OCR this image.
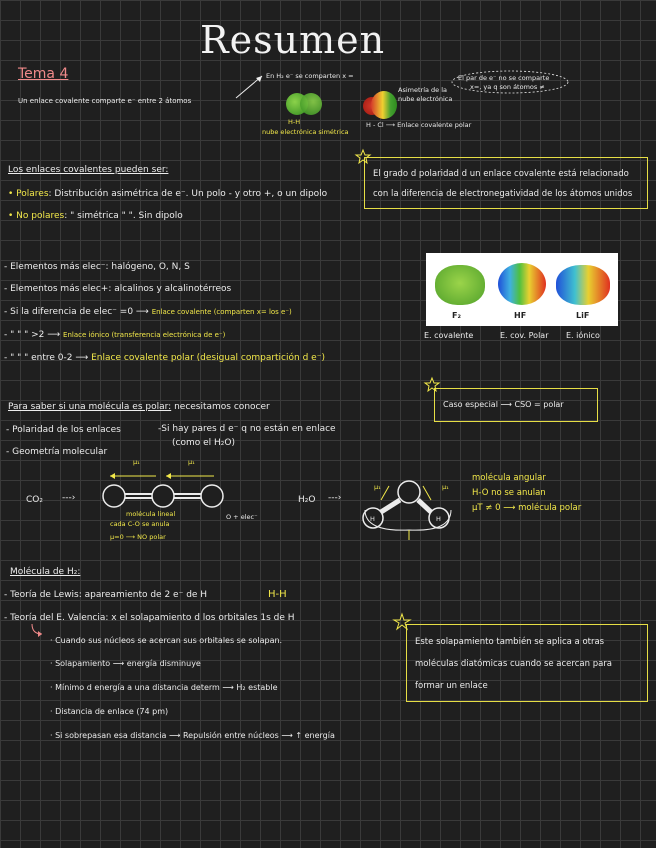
Resumen
Tema 4
Un enlace covalente comparte e⁻ entre 2 átomos
En H₂ e⁻ se comparten x =
H-H
nube electrónica simétrica
Asimetría de la
nube electrónica
El par de e⁻ no se comparte
x=, ya q son átomos ≠
H - Cl ⟶ Enlace covalente polar
Los enlaces covalentes pueden ser:
• Polares: Distribución asimétrica de e⁻. Un polo - y otro +, o un dipolo
• No polares: " simétrica " ". Sin dipolo
El grado d polaridad d un enlace covalente está relacionado con la diferencia de electronegatividad de los átomos unidos
- Elementos más elec⁻: halógeno, O, N, S
- Elementos más elec+: alcalinos y alcalinotérreos
- Si la diferencia de elec⁻ =0 ⟶ Enlace covalente (comparten x= los e⁻)
- " " " >2 ⟶ Enlace iónico (transferencia electrónica de e⁻)
- " " " entre 0-2 ⟶ Enlace covalente polar (desigual compartición d e⁻)
F₂	HF	LiF
E. covalente	E. cov. Polar E. iónico
Para saber si una molécula es polar: necesitamos conocer
- Polaridad de los enlaces
- Geometría molecular
-Si hay pares d e⁻ q no están en enlace
(como el H₂O)
Caso especial ⟶ CSO = polar
CO₂ ---›
μ₁	μ₁
molécula lineal
cada C-O se anula
μ=0 ⟶ NO polar
O + elec⁻
H₂O ---›	O
H	H
μ₁	μ₁
molécula angular
H-O no se anulan
μT ≠ 0 ⟶ molécula polar
Molécula de H₂:
- Teoría de Lewis: apareamiento de 2 e⁻ de H	H-H
- Teoría del E. Valencia: x el solapamiento d los orbitales 1s de H
· Cuando sus núcleos se acercan sus orbitales se solapan.
· Solapamiento ⟶ energía disminuye
· Mínimo d energía a una distancia determ ⟶ H₂ estable
· Distancia de enlace (74 pm)
· Si sobrepasan esa distancia ⟶ Repulsión entre núcleos ⟶ ↑ energía
Este solapamiento también se aplica a otras moléculas diatómicas cuando se acercan para formar un enlace
